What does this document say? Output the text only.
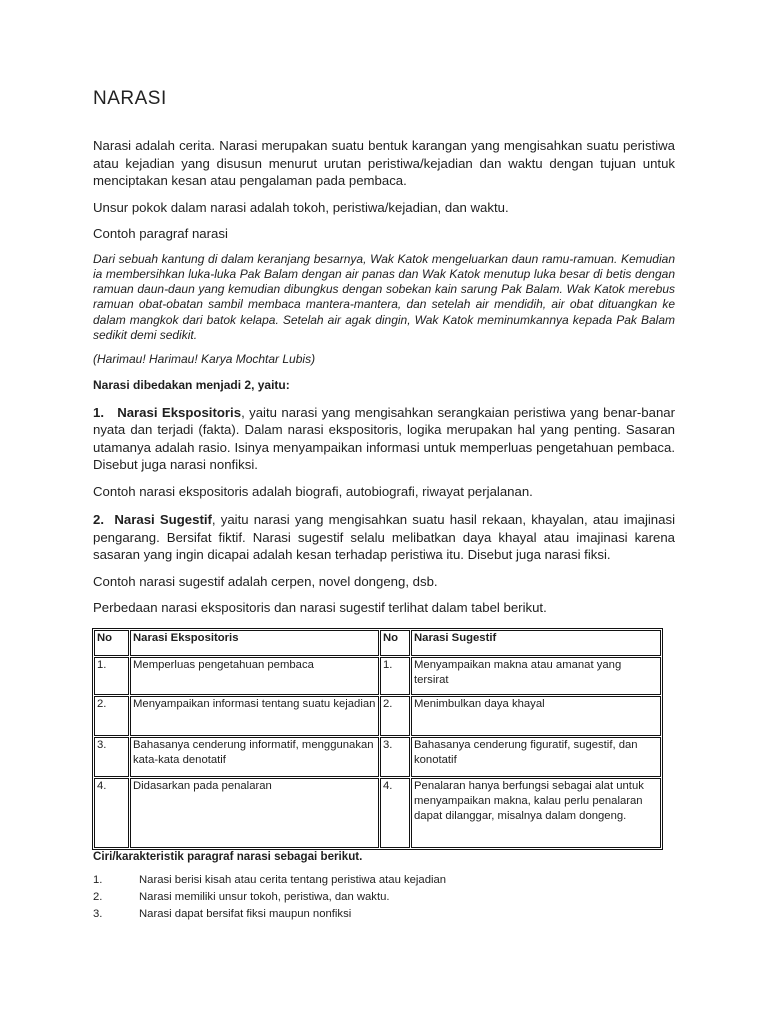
NARASI

Narasi adalah cerita. Narasi merupakan suatu bentuk karangan yang mengisahkan suatu peristiwa atau kejadian yang disusun menurut urutan peristiwa/kejadian dan waktu dengan tujuan untuk menciptakan kesan atau pengalaman pada pembaca.

Unsur pokok dalam narasi adalah tokoh, peristiwa/kejadian, dan waktu.

Contoh paragraf narasi

Dari sebuah kantung di dalam keranjang besarnya, Wak Katok mengeluarkan daun ramu-ramuan. Kemudian ia membersihkan luka-luka Pak Balam dengan air panas dan Wak Katok menutup luka besar di betis dengan ramuan daun-daun yang kemudian dibungkus dengan sobekan kain sarung Pak Balam. Wak Katok merebus ramuan obat-obatan sambil membaca mantera-mantera, dan setelah air mendidih, air obat dituangkan ke dalam mangkok dari batok kelapa. Setelah air agak dingin, Wak Katok meminumkannya kepada Pak Balam sedikit demi sedikit.

(Harimau! Harimau! Karya Mochtar Lubis)

Narasi dibedakan menjadi 2, yaitu:

1. Narasi Ekspositoris, yaitu narasi yang mengisahkan serangkaian peristiwa yang benar-banar nyata dan terjadi (fakta). Dalam narasi ekspositoris, logika merupakan hal yang penting. Sasaran utamanya adalah rasio. Isinya menyampaikan informasi untuk memperluas pengetahuan pembaca. Disebut juga narasi nonfiksi.

Contoh narasi ekspositoris adalah biografi, autobiografi, riwayat perjalanan.

2. Narasi Sugestif, yaitu narasi yang mengisahkan suatu hasil rekaan, khayalan, atau imajinasi pengarang. Bersifat fiktif. Narasi sugestif selalu melibatkan daya khayal atau imajinasi karena sasaran yang ingin dicapai adalah kesan terhadap peristiwa itu. Disebut juga narasi fiksi.

Contoh narasi sugestif adalah cerpen, novel dongeng, dsb.

Perbedaan narasi ekspositoris dan narasi sugestif terlihat dalam tabel berikut.

No	Narasi Ekspositoris	No	Narasi Sugestif
1.	Memperluas pengetahuan pembaca	1.	Menyampaikan makna atau amanat yang tersirat
2.	Menyampaikan informasi tentang suatu kejadian	2.	Menimbulkan daya khayal
3.	Bahasanya cenderung informatif, menggunakan kata-kata denotatif	3.	Bahasanya cenderung figuratif, sugestif, dan konotatif
4.	Didasarkan pada penalaran	4.	Penalaran hanya berfungsi sebagai alat untuk menyampaikan makna, kalau perlu penalaran dapat dilanggar, misalnya dalam dongeng.

Ciri/karakteristik paragraf narasi sebagai berikut.

1.	Narasi berisi kisah atau cerita tentang peristiwa atau kejadian
2.	Narasi memiliki unsur tokoh, peristiwa, dan waktu.
3.	Narasi dapat bersifat fiksi maupun nonfiksi
